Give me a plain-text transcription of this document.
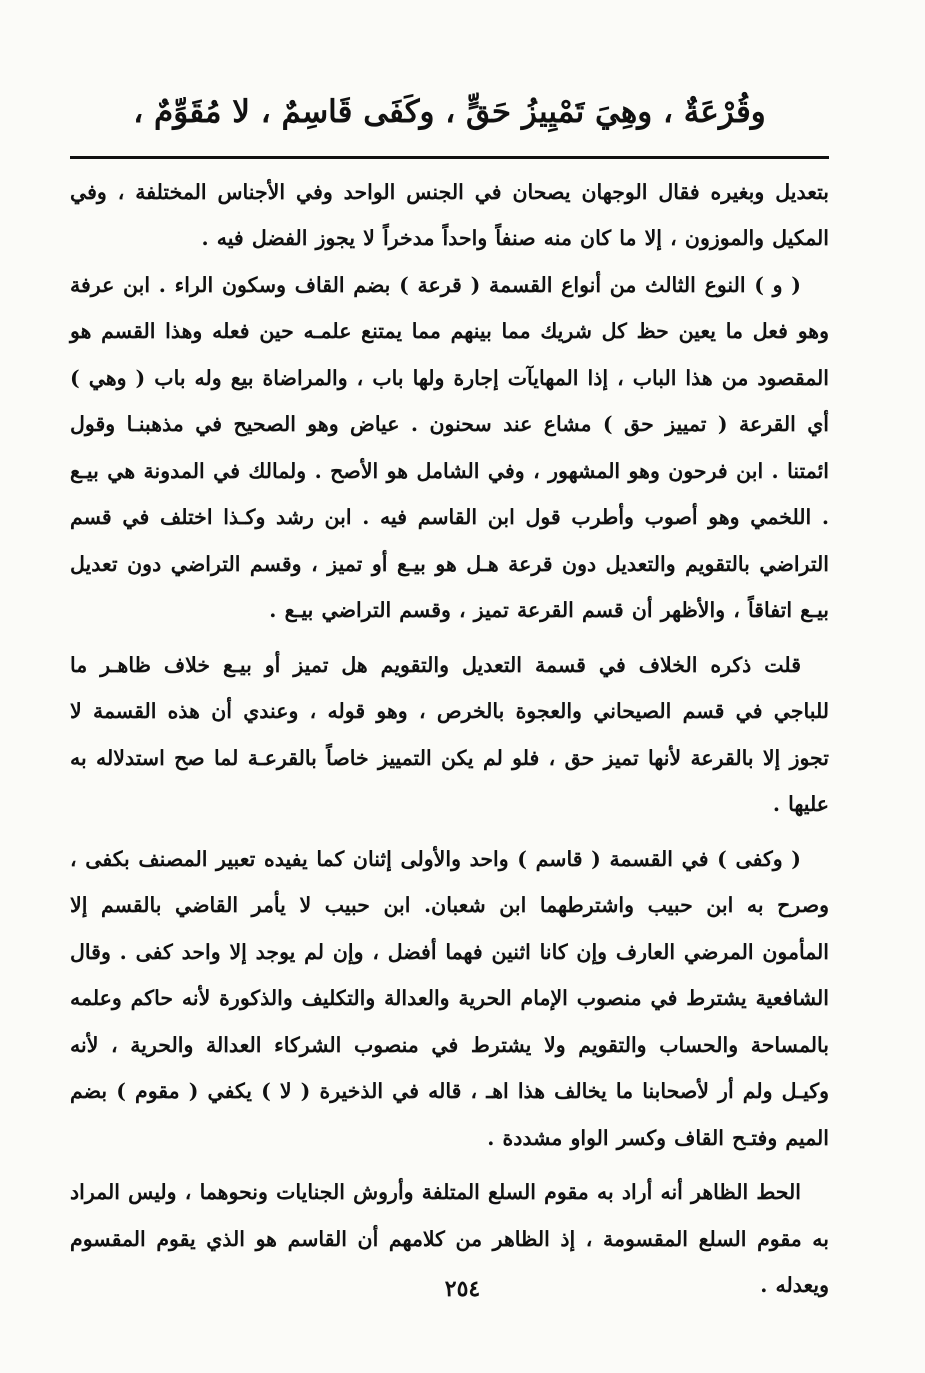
وقُرْعَةٌ ، وهِيَ تَمْيِيزُ حَقٍّ ، وكَفَى قَاسِمٌ ، لا مُقَوِّمٌ ،

بتعديل وبغيره فقال الوجهان يصحان في الجنس الواحد وفي الأجناس المختلفة ، وفي المكيل والموزون ، إلا ما كان منه صنفاً واحداً مدخراً لا يجوز الفضل فيه .

( و ) النوع الثالث من أنواع القسمة ( قرعة ) بضم القاف وسكون الراء . ابن عرفة وهو فعل ما يعين حظ كل شريك مما بينهم مما يمتنع علمـه حين فعله وهذا القسم هو المقصود من هذا الباب ، إذا المهايآت إجارة ولها باب ، والمراضاة بيع وله باب ( وهي ) أي القرعة ( تمييز حق ) مشاع عند سحنون . عياض وهو الصحيح في مذهبنـا وقول ائمتنا . ابن فرحون وهو المشهور ، وفي الشامل هو الأصح . ولمالك في المدونة هي بيـع . اللخمي وهو أصوب وأطرب قول ابن القاسم فيه . ابن رشد وكـذا اختلف في قسم التراضي بالتقويم والتعديل دون قرعة هـل هو بيـع أو تميز ، وقسم التراضي دون تعديل بيـع اتفاقاً ، والأظهر أن قسم القرعة تميز ، وقسم التراضي بيـع .

قلت ذكره الخلاف في قسمة التعديل والتقويم هل تميز أو بيـع خلاف ظاهـر ما للباجي في قسم الصيحاني والعجوة بالخرص ، وهو قوله ، وعندي أن هذه القسمة لا تجوز إلا بالقرعة لأنها تميز حق ، فلو لم يكن التمييز خاصاً بالقرعـة لما صح استدلاله به عليها .

( وكفى ) في القسمة ( قاسم ) واحد والأولى إثنان كما يفيده تعبير المصنف بكفى ، وصرح به ابن حبيب واشترطهما ابن شعبان. ابن حبيب لا يأمر القاضي بالقسم إلا المأمون المرضي العارف وإن كانا اثنين فهما أفضل ، وإن لم يوجد إلا واحد كفى . وقال الشافعية يشترط في منصوب الإمام الحرية والعدالة والتكليف والذكورة لأنه حاكم وعلمه بالمساحة والحساب والتقويم ولا يشترط في منصوب الشركاء العدالة والحرية ، لأنه وكيـل ولم أر لأصحابنا ما يخالف هذا اهـ ، قاله في الذخيرة ( لا ) يكفي ( مقوم ) بضم الميم وفتـح القاف وكسر الواو مشددة .

الحط الظاهر أنه أراد به مقوم السلع المتلفة وأروش الجنايات ونحوهما ، وليس المراد به مقوم السلع المقسومة ، إذ الظاهر من كلامهم أن القاسم هو الذي يقوم المقسوم ويعدله .

٢٥٤
